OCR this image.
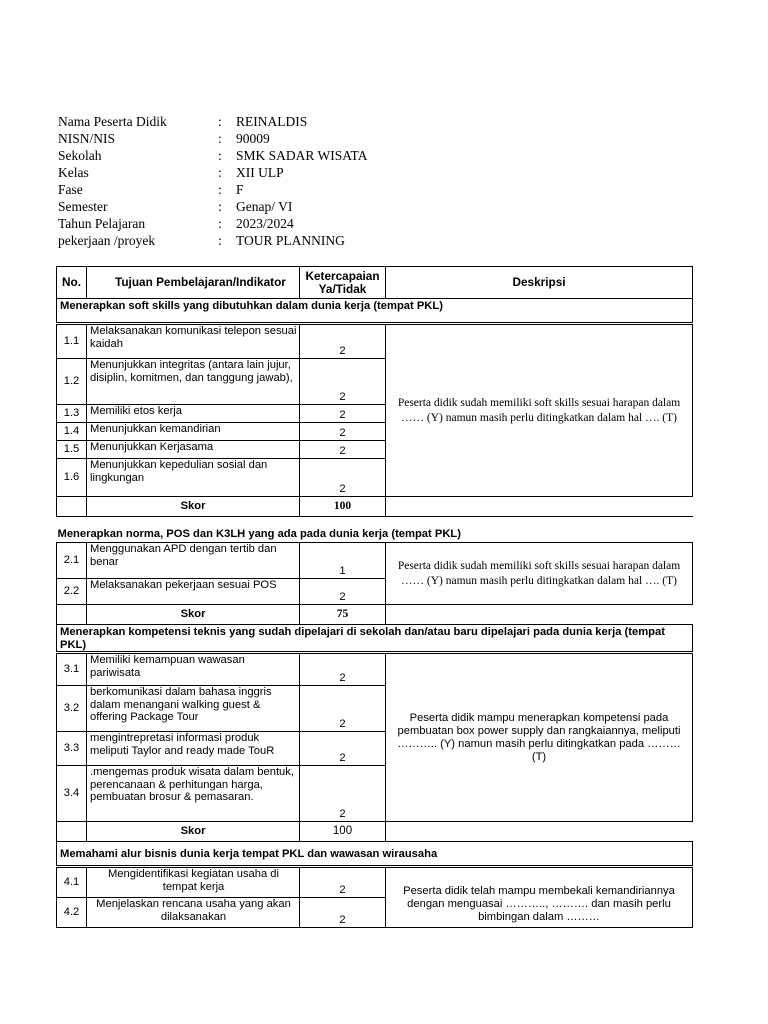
Nama Peserta Didik	: REINALDIS
NISN/NIS	: 90009
Sekolah	: SMK SADAR WISATA
Kelas	: XII ULP
Fase	: F
Semester	: Genap/ VI
Tahun Pelajaran	: 2023/2024
pekerjaan /proyek	: TOUR PLANNING
No.	Tujuan Pembelajaran/Indikator	Ketercapaian Ya/Tidak	Deskripsi
Menerapkan soft skills yang dibutuhkan dalam dunia kerja (tempat PKL)			

1.1	Melaksanakan komunikasi telepon sesuai kaidah	2	Peserta didik sudah memiliki soft skills sesuai harapan dalam …… (Y) namun masih perlu ditingkatkan dalam hal …. (T)
1.2	Menunjukkan integritas (antara lain jujur, disiplin, komitmen, dan tanggung jawab),	2	
1.3	Memiliki etos kerja	2	
1.4	Menunjukkan kemandirian	2	
1.5	Menunjukkan Kerjasama	2	
1.6	Menunjukkan kepedulian sosial dan lingkungan	2	
	Skor	100	
Menerapkan norma, POS dan K3LH yang ada pada dunia kerja (tempat PKL)			
2.1	Menggunakan APD dengan tertib dan benar	1	Peserta didik sudah memiliki soft skills sesuai harapan dalam …… (Y) namun masih perlu ditingkatkan dalam hal …. (T)
2.2	Melaksanakan pekerjaan sesuai POS	2	
	Skor	75	
Menerapkan kompetensi teknis yang sudah dipelajari di sekolah dan/atau baru dipelajari pada dunia kerja (tempat PKL)			

3.1	Memiliki kemampuan wawasan pariwisata	2	Peserta didik mampu menerapkan kompetensi pada pembuatan box power supply dan rangkaiannya, meliputi ……….. (Y) namun masih perlu ditingkatkan pada ……… (T)
3.2	berkomunikasi dalam bahasa inggris dalam menangani walking guest & offering Package Tour	2	
3.3	mengintrepretasi informasi produk meliputi Taylor and ready made TouR	2	
3.4	.mengemas produk wisata dalam bentuk, perencanaan & perhitungan harga, pembuatan brosur & pemasaran.	2	
	Skor	100	
Memahami alur bisnis dunia kerja tempat PKL dan wawasan wirausaha			

4.1	Mengidentifikasi kegiatan usaha di tempat kerja	2	Peserta didik telah mampu membekali kemandiriannya dengan menguasai ……….., ………. dan masih perlu bimbingan dalam ………
4.2	Menjelaskan rencana usaha yang akan dilaksanakan	2	
